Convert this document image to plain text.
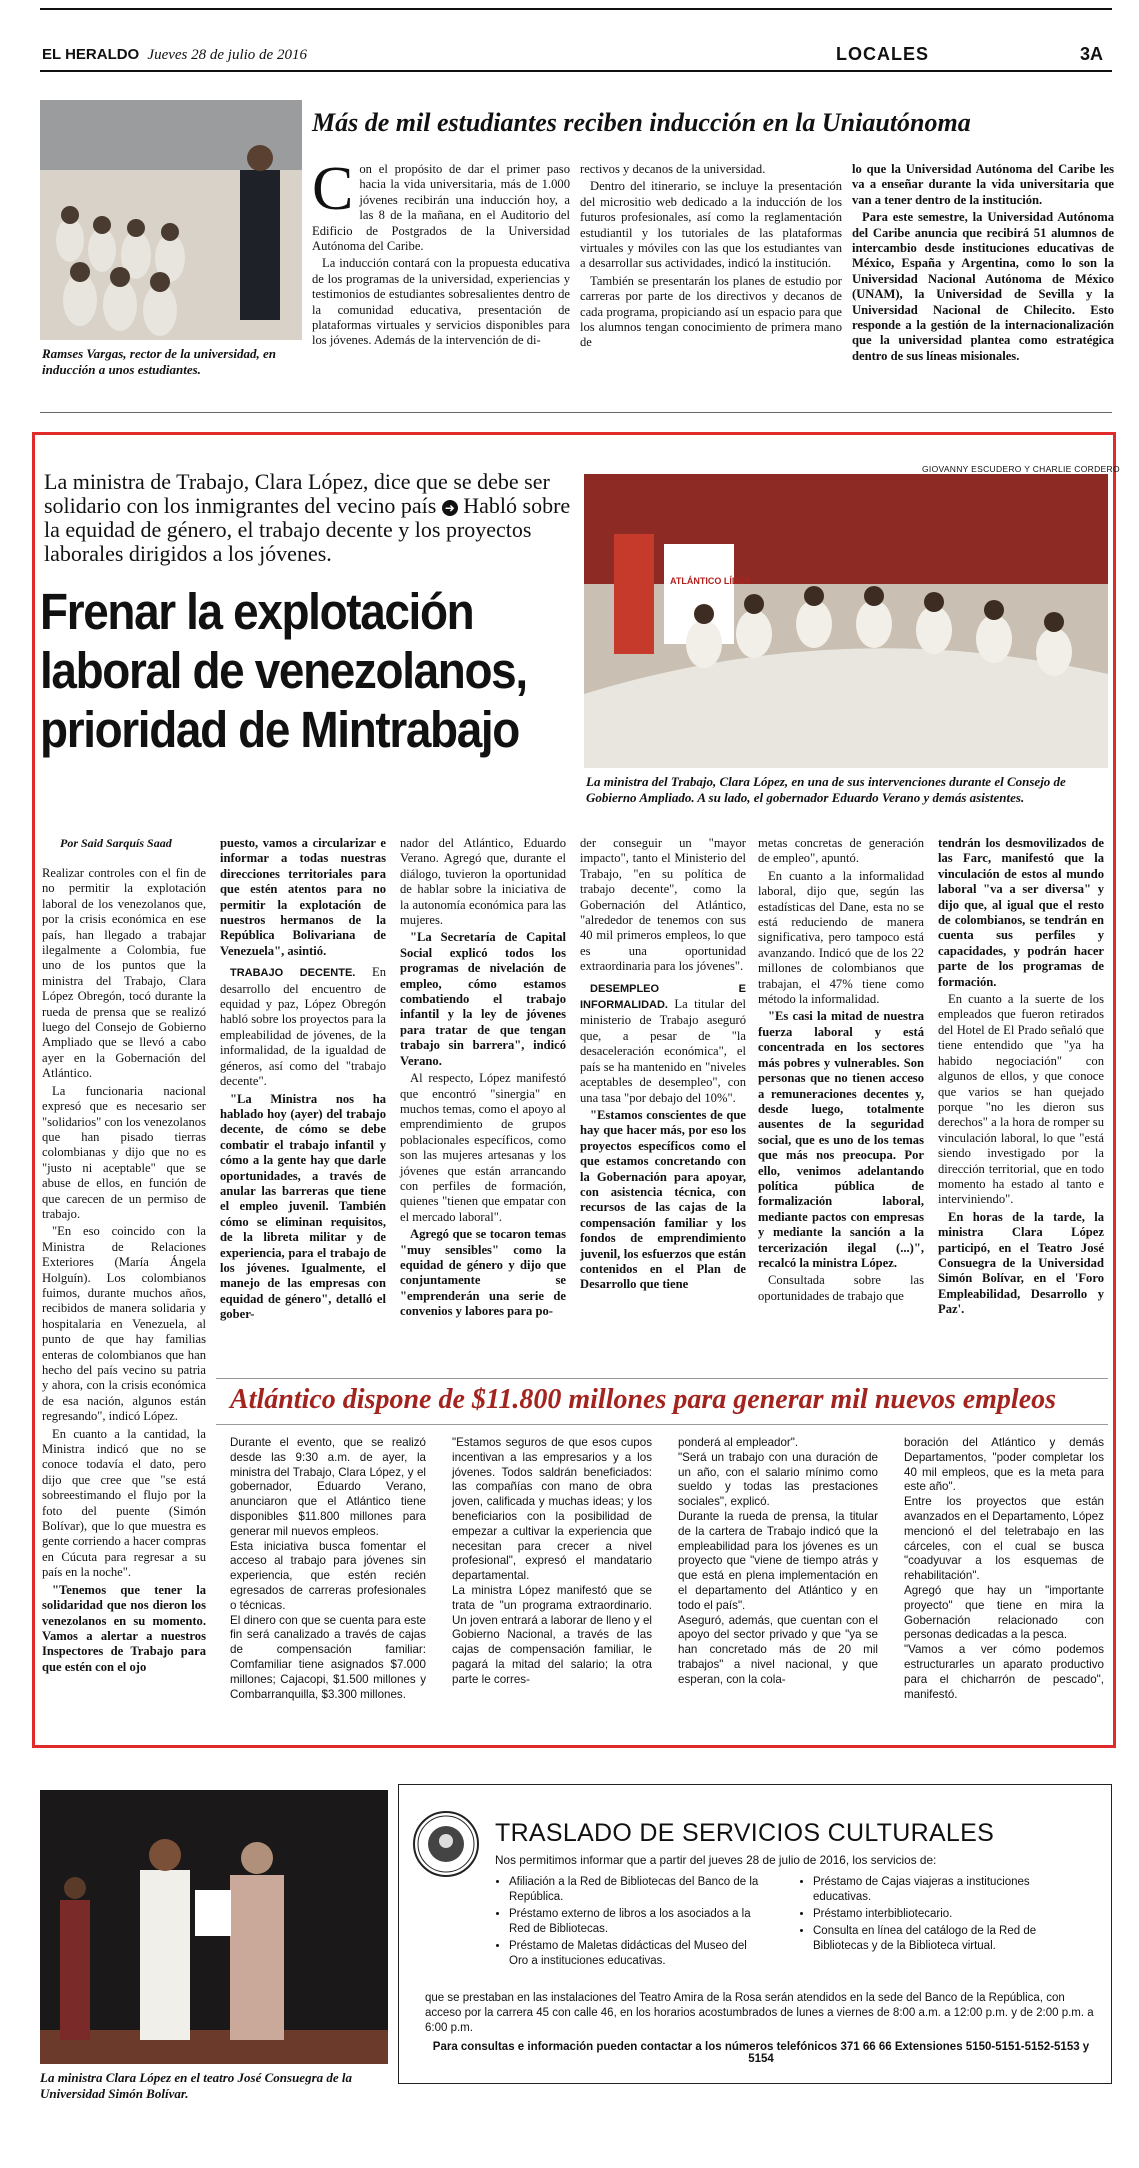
EL HERALDO Jueves 28 de julio de 2016	LOCALES	3A
Ramses Vargas, rector de la universidad, en inducción a unos estudiantes.
Más de mil estudiantes reciben inducción en la Uniautónoma
C on el propósito de dar el primer paso hacia la vida universitaria, más de 1.000 jóvenes recibirán una inducción hoy, a las 8 de la mañana, en el Auditorio del Edificio de Postgrados de la Universidad Autónoma del Caribe.

La inducción contará con la propuesta educativa de los programas de la universidad, experiencias y testimonios de estudiantes sobresalientes dentro de la comunidad educativa, presentación de plataformas virtuales y servicios disponibles para los jóvenes. Además de la intervención de di-

rectivos y decanos de la universidad.

Dentro del itinerario, se incluye la presentación del micrositio web dedicado a la inducción de los futuros profesionales, así como la reglamentación estudiantil y los tutoriales de las plataformas virtuales y móviles con las que los estudiantes van a desarrollar sus actividades, indicó la institución.

También se presentarán los planes de estudio por carreras por parte de los directivos y decanos de cada programa, propiciando así un espacio para que los alumnos tengan conocimiento de primera mano de

lo que la Universidad Autónoma del Caribe les va a enseñar durante la vida universitaria que van a tener dentro de la institución.

Para este semestre, la Universidad Autónoma del Caribe anuncia que recibirá 51 alumnos de intercambio desde instituciones educativas de México, España y Argentina, como lo son la Universidad Nacional Autónoma de México (UNAM), la Universidad de Sevilla y la Universidad Nacional de Chilecito. Esto responde a la gestión de la internacionalización que la universidad plantea como estratégica dentro de sus líneas misionales.

GIOVANNY ESCUDERO Y CHARLIE CORDERO
La ministra de Trabajo, Clara López, dice que se debe ser solidario con los inmigrantes del vecino país ➜ Habló sobre la equidad de género, el trabajo decente y los proyectos laborales dirigidos a los jóvenes.
Frenar la explotación laboral de venezolanos, prioridad de Mintrabajo
ATLÁNTICO LÍDER
La ministra del Trabajo, Clara López, en una de sus intervenciones durante el Consejo de Gobierno Ampliado. A su lado, el gobernador Eduardo Verano y demás asistentes.
Por Said Sarquís Saad

Realizar controles con el fin de no permitir la explotación laboral de los venezolanos que, por la crisis económica en ese país, han llegado a trabajar ilegalmente a Colombia, fue uno de los puntos que la ministra del Trabajo, Clara López Obregón, tocó durante la rueda de prensa que se realizó luego del Consejo de Gobierno Ampliado que se llevó a cabo ayer en la Gobernación del Atlántico.

La funcionaria nacional expresó que es necesario ser "solidarios" con los venezolanos que han pisado tierras colombianas y dijo que no es "justo ni aceptable" que se abuse de ellos, en función de que carecen de un permiso de trabajo.

"En eso coincido con la Ministra de Relaciones Exteriores (María Ángela Holguín). Los colombianos fuimos, durante muchos años, recibidos de manera solidaria y hospitalaria en Venezuela, al punto de que hay familias enteras de colombianos que han hecho del país vecino su patria y ahora, con la crisis económica de esa nación, algunos están regresando", indicó López.

En cuanto a la cantidad, la Ministra indicó que no se conoce todavía el dato, pero dijo que cree que "se está sobreestimando el flujo por la foto del puente (Simón Bolívar), que lo que muestra es gente corriendo a hacer compras en Cúcuta para regresar a su país en la noche".

"Tenemos que tener la solidaridad que nos dieron los venezolanos en su momento. Vamos a alertar a nuestros Inspectores de Trabajo para que estén con el ojo

puesto, vamos a circularizar e informar a todas nuestras direcciones territoriales para que estén atentos para no permitir la explotación de nuestros hermanos de la República Bolivariana de Venezuela", asintió.

TRABAJO DECENTE. En desarrollo del encuentro de equidad y paz, López Obregón habló sobre los proyectos para la empleabilidad de jóvenes, de la informalidad, de la igualdad de géneros, así como del "trabajo decente".

"La Ministra nos ha hablado hoy (ayer) del trabajo decente, de cómo se debe combatir el trabajo infantil y cómo a la gente hay que darle oportunidades, a través de anular las barreras que tiene el empleo juvenil. También cómo se eliminan requisitos, de la libreta militar y de experiencia, para el trabajo de los jóvenes. Igualmente, el manejo de las empresas con equidad de género", detalló el gober-

nador del Atlántico, Eduardo Verano. Agregó que, durante el diálogo, tuvieron la oportunidad de hablar sobre la iniciativa de la autonomía económica para las mujeres.

"La Secretaría de Capital Social explicó todos los programas de nivelación de empleo, cómo estamos combatiendo el trabajo infantil y la ley de jóvenes para tratar de que tengan trabajo sin barrera", indicó Verano.

Al respecto, López manifestó que encontró "sinergia" en muchos temas, como el apoyo al emprendimiento de grupos poblacionales específicos, como son las mujeres artesanas y los jóvenes que están arrancando con perfiles de formación, quienes "tienen que empatar con el mercado laboral".

Agregó que se tocaron temas "muy sensibles" como la equidad de género y dijo que conjuntamente se "emprenderán una serie de convenios y labores para po-

der conseguir un "mayor impacto", tanto el Ministerio del Trabajo, "en su política de trabajo decente", como la Gobernación del Atlántico, "alrededor de tenemos con sus 40 mil primeros empleos, lo que es una oportunidad extraordinaria para los jóvenes".

DESEMPLEO E INFORMALIDAD. La titular del ministerio de Trabajo aseguró que, a pesar de "la desaceleración económica", el país se ha mantenido en "niveles aceptables de desempleo", con una tasa "por debajo del 10%".

"Estamos conscientes de que hay que hacer más, por eso los proyectos específicos como el que estamos concretando con la Gobernación para apoyar, con asistencia técnica, con recursos de las cajas de la compensación familiar y los fondos de emprendimiento juvenil, los esfuerzos que están contenidos en el Plan de Desarrollo que tiene

metas concretas de generación de empleo", apuntó.

En cuanto a la informalidad laboral, dijo que, según las estadísticas del Dane, esta no se está reduciendo de manera significativa, pero tampoco está avanzando. Indicó que de los 22 millones de colombianos que trabajan, el 47% tiene como método la informalidad.

"Es casi la mitad de nuestra fuerza laboral y está concentrada en los sectores más pobres y vulnerables. Son personas que no tienen acceso a remuneraciones decentes y, desde luego, totalmente ausentes de la seguridad social, que es uno de los temas que más nos preocupa. Por ello, venimos adelantando política pública de formalización laboral, mediante pactos con empresas y mediante la sanción a la tercerización ilegal (...)", recalcó la ministra López.

Consultada sobre las oportunidades de trabajo que

tendrán los desmovilizados de las Farc, manifestó que la vinculación de estos al mundo laboral "va a ser diversa" y dijo que, al igual que el resto de colombianos, se tendrán en cuenta sus perfiles y capacidades, y podrán hacer parte de los programas de formación.

En cuanto a la suerte de los empleados que fueron retirados del Hotel de El Prado señaló que tiene entendido que "ya ha habido negociación" con algunos de ellos, y que conoce que varios se han quejado porque "no les dieron sus derechos" a la hora de romper su vinculación laboral, lo que "está siendo investigado por la dirección territorial, que en todo momento ha estado al tanto e interviniendo".

En horas de la tarde, la ministra Clara López participó, en el Teatro José Consuegra de la Universidad Simón Bolívar, en el 'Foro Empleabilidad, Desarrollo y Paz'.

Atlántico dispone de $11.800 millones para generar mil nuevos empleos

Durante el evento, que se realizó desde las 9:30 a.m. de ayer, la ministra del Trabajo, Clara López, y el gobernador, Eduardo Verano, anunciaron que el Atlántico tiene disponibles $11.800 millones para generar mil nuevos empleos.

Esta iniciativa busca fomentar el acceso al trabajo para jóvenes sin experiencia, que estén recién egresados de carreras profesionales o técnicas.

El dinero con que se cuenta para este fin será canalizado a través de cajas de compensación familiar: Comfamiliar tiene asignados $7.000 millones; Cajacopi, $1.500 millones y Combarranquilla, $3.300 millones.

"Estamos seguros de que esos cupos incentivan a las empresarios y a los jóvenes. Todos saldrán beneficiados: las compañías con mano de obra joven, calificada y muchas ideas; y los beneficiarios con la posibilidad de empezar a cultivar la experiencia que necesitan para crecer a nivel profesional", expresó el mandatario departamental.

La ministra López manifestó que se trata de "un programa extraordinario. Un joven entrará a laborar de lleno y el Gobierno Nacional, a través de las cajas de compensación familiar, le pagará la mitad del salario; la otra parte le corres-

ponderá al empleador".

"Será un trabajo con una duración de un año, con el salario mínimo como sueldo y todas las prestaciones sociales", explicó.

Durante la rueda de prensa, la titular de la cartera de Trabajo indicó que la empleabilidad para los jóvenes es un proyecto que "viene de tiempo atrás y que está en plena implementación en el departamento del Atlántico y en todo el país".

Aseguró, además, que cuentan con el apoyo del sector privado y que "ya se han concretado más de 20 mil trabajos" a nivel nacional, y que esperan, con la cola-

boración del Atlántico y demás Departamentos, "poder completar los 40 mil empleos, que es la meta para este año".

Entre los proyectos que están avanzados en el Departamento, López mencionó el del teletrabajo en las cárceles, con el cual se busca "coadyuvar a los esquemas de rehabilitación".

Agregó que hay un "importante proyecto" que tiene en mira la Gobernación relacionado con personas dedicadas a la pesca.

"Vamos a ver cómo podemos estructurarles un aparato productivo para el chicharrón de pescado", manifestó.

La ministra Clara López en el teatro José Consuegra de la Universidad Simón Bolívar.
TRASLADO DE SERVICIOS CULTURALES
Nos permitimos informar que a partir del jueves 28 de julio de 2016, los servicios de:
• Afiliación a la Red de Bibliotecas del Banco de la República.
• Préstamo externo de libros a los asociados a la Red de Bibliotecas.
• Préstamo de Maletas didácticas del Museo del Oro a instituciones educativas.
• Préstamo de Cajas viajeras a instituciones educativas.
• Préstamo interbibliotecario.
• Consulta en línea del catálogo de la Red de Bibliotecas y de la Biblioteca virtual.
que se prestaban en las instalaciones del Teatro Amira de la Rosa serán atendidos en la sede del Banco de la República, con acceso por la carrera 45 con calle 46, en los horarios acostumbrados de lunes a viernes de 8:00 a.m. a 12:00 p.m. y de 2:00 p.m. a 6:00 p.m.
Para consultas e información pueden contactar a los números telefónicos 371 66 66 Extensiones 5150-5151-5152-5153 y 5154
